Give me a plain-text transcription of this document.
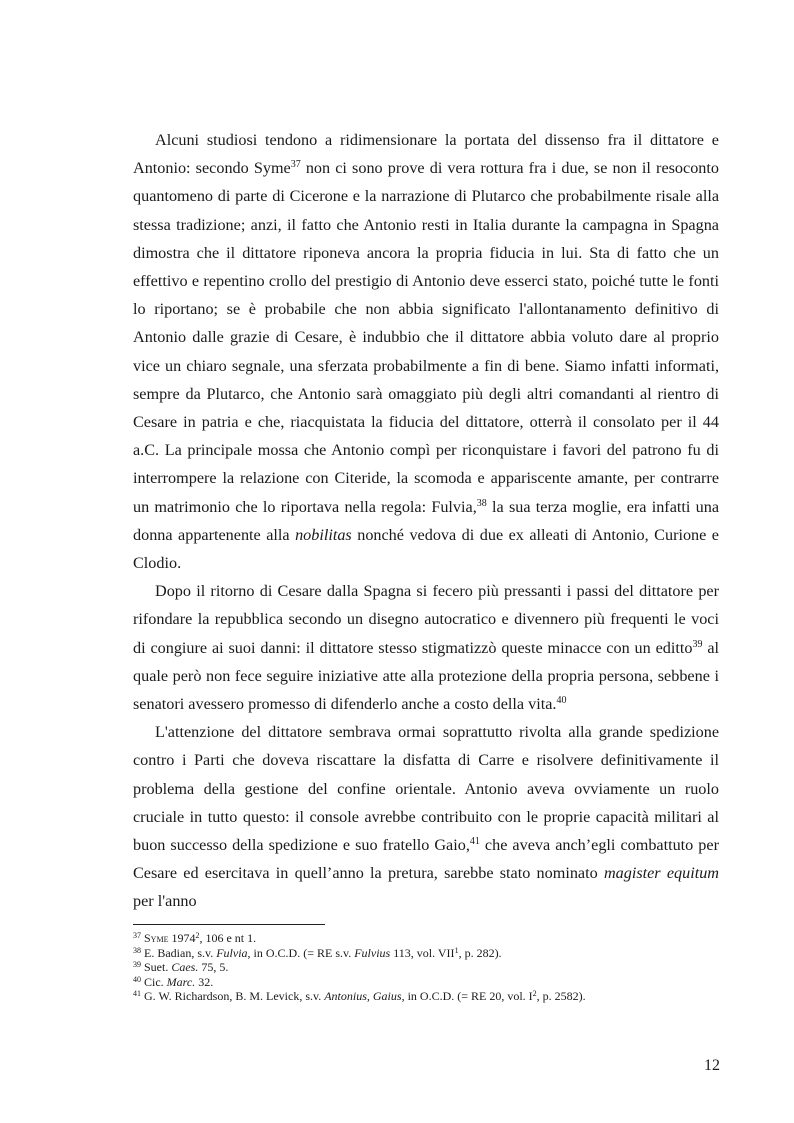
Alcuni studiosi tendono a ridimensionare la portata del dissenso fra il dittatore e Antonio: secondo Syme$^{37}$ non ci sono prove di vera rottura fra i due, se non il resoconto quantomeno di parte di Cicerone e la narrazione di Plutarco che probabilmente risale alla stessa tradizione; anzi, il fatto che Antonio resti in Italia durante la campagna in Spagna dimostra che il dittatore riponeva ancora la propria fiducia in lui. Sta di fatto che un effettivo e repentino crollo del prestigio di Antonio deve esserci stato, poiché tutte le fonti lo riportano; se è probabile che non abbia significato l'allontanamento definitivo di Antonio dalle grazie di Cesare, è indubbio che il dittatore abbia voluto dare al proprio vice un chiaro segnale, una sferzata probabilmente a fin di bene. Siamo infatti informati, sempre da Plutarco, che Antonio sarà omaggiato più degli altri comandanti al rientro di Cesare in patria e che, riacquistata la fiducia del dittatore, otterrà il consolato per il 44 a.C. La principale mossa che Antonio compì per riconquistare i favori del patrono fu di interrompere la relazione con Citeride, la scomoda e appariscente amante, per contrarre un matrimonio che lo riportava nella regola: Fulvia,$^{38}$ la sua terza moglie, era infatti una donna appartenente alla nobilitas nonché vedova di due ex alleati di Antonio, Curione e Clodio.

Dopo il ritorno di Cesare dalla Spagna si fecero più pressanti i passi del dittatore per rifondare la repubblica secondo un disegno autocratico e divennero più frequenti le voci di congiure ai suoi danni: il dittatore stesso stigmatizzò queste minacce con un editto$^{39}$ al quale però non fece seguire iniziative atte alla protezione della propria persona, sebbene i senatori avessero promesso di difenderlo anche a costo della vita.$^{40}$

L'attenzione del dittatore sembrava ormai soprattutto rivolta alla grande spedizione contro i Parti che doveva riscattare la disfatta di Carre e risolvere definitivamente il problema della gestione del confine orientale. Antonio aveva ovviamente un ruolo cruciale in tutto questo: il console avrebbe contribuito con le proprie capacità militari al buon successo della spedizione e suo fratello Gaio,$^{41}$ che aveva anch’egli combattuto per Cesare ed esercitava in quell’anno la pretura, sarebbe stato nominato magister equitum per l'anno

$^{37}$ Syme 1974$^2$, 106 e nt 1.

$^{38}$ E. Badian, s.v. Fulvia, in O.C.D. (= RE s.v. Fulvius 113, vol. VII$^1$, p. 282).

$^{39}$ Suet. Caes. 75, 5.

$^{40}$ Cic. Marc. 32.

$^{41}$ G. W. Richardson, B. M. Levick, s.v. Antonius, Gaius, in O.C.D. (= RE 20, vol. $I^2$, p. 2582).

12
